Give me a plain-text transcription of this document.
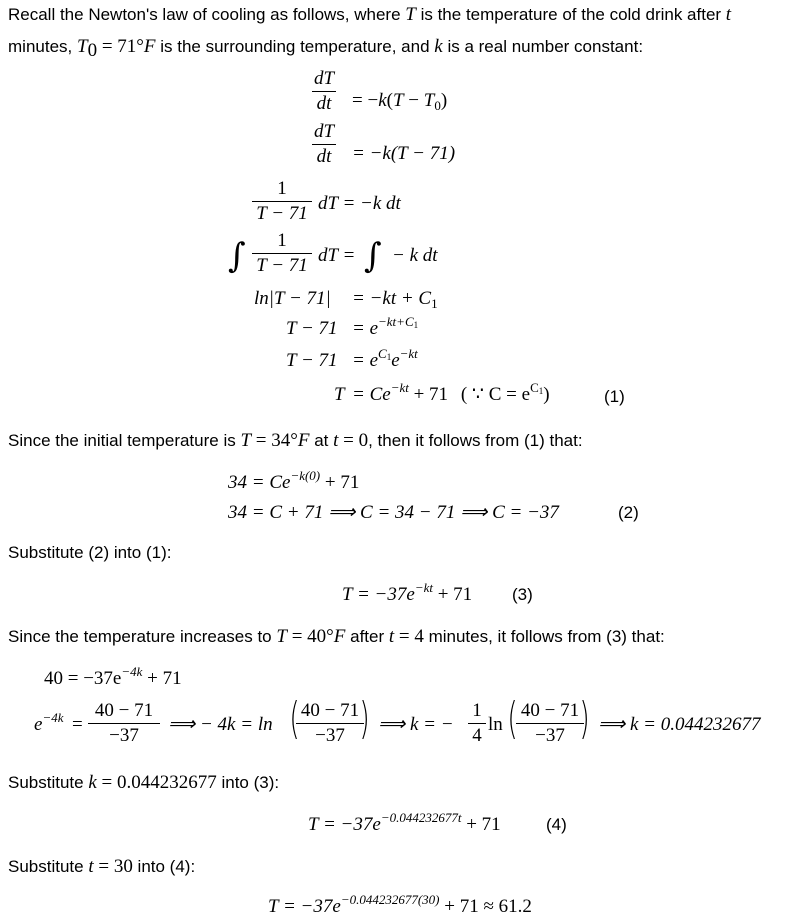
Recall the Newton's law of cooling as follows, where T is the temperature of the cold drink after t
minutes, $T_0 = 71^\circ F$ is the surrounding temperature, and k is a real number constant:
dT
dt = $-k(T - T_0)$
dT
dt = −k(T − 71)
1
T − 71 dT = −k dt
∫	1
T − 71 dT = ∫ − k dt
$\ln|T - 71| = -kt + C_1$
$T - 71 = e^{-kt+C_1}$
$T - 71 = e^{C_1}e^{-kt}$
$T = Ce^{-kt} + 71$ ( ∵ $C = e^{C_1}$)	(1)
Since the initial temperature is T = 34°F at t = 0, then it follows from (1) that:
$34 = Ce^{-k(0)} + 71$
34 = C + 71 ⟹ C = 34 − 71 ⟹ C = −37	(2)
Substitute (2) into (1):
$T = -37e^{-kt} + 71$ (3)
Since the temperature increases to T = 40°F after t = 4 minutes, it follows from (3) that:
$40 = -37e^{-4k} + 71$
$e^{-4k}$ =
40 − 71
−37
⟹ − 4k = ln ( 40 − 71
−37 ) ⟹ k = −
1
4
ln ( 40 − 71
−37 ) ⟹ k = 0.044232677
Substitute k = 0.044232677 into (3):
$T = -37e^{-0.044232677t} + 71$	(4)
Substitute t = 30 into (4):
$T = -37e^{-0.044232677(30)} + 71 \approx 61.2$
